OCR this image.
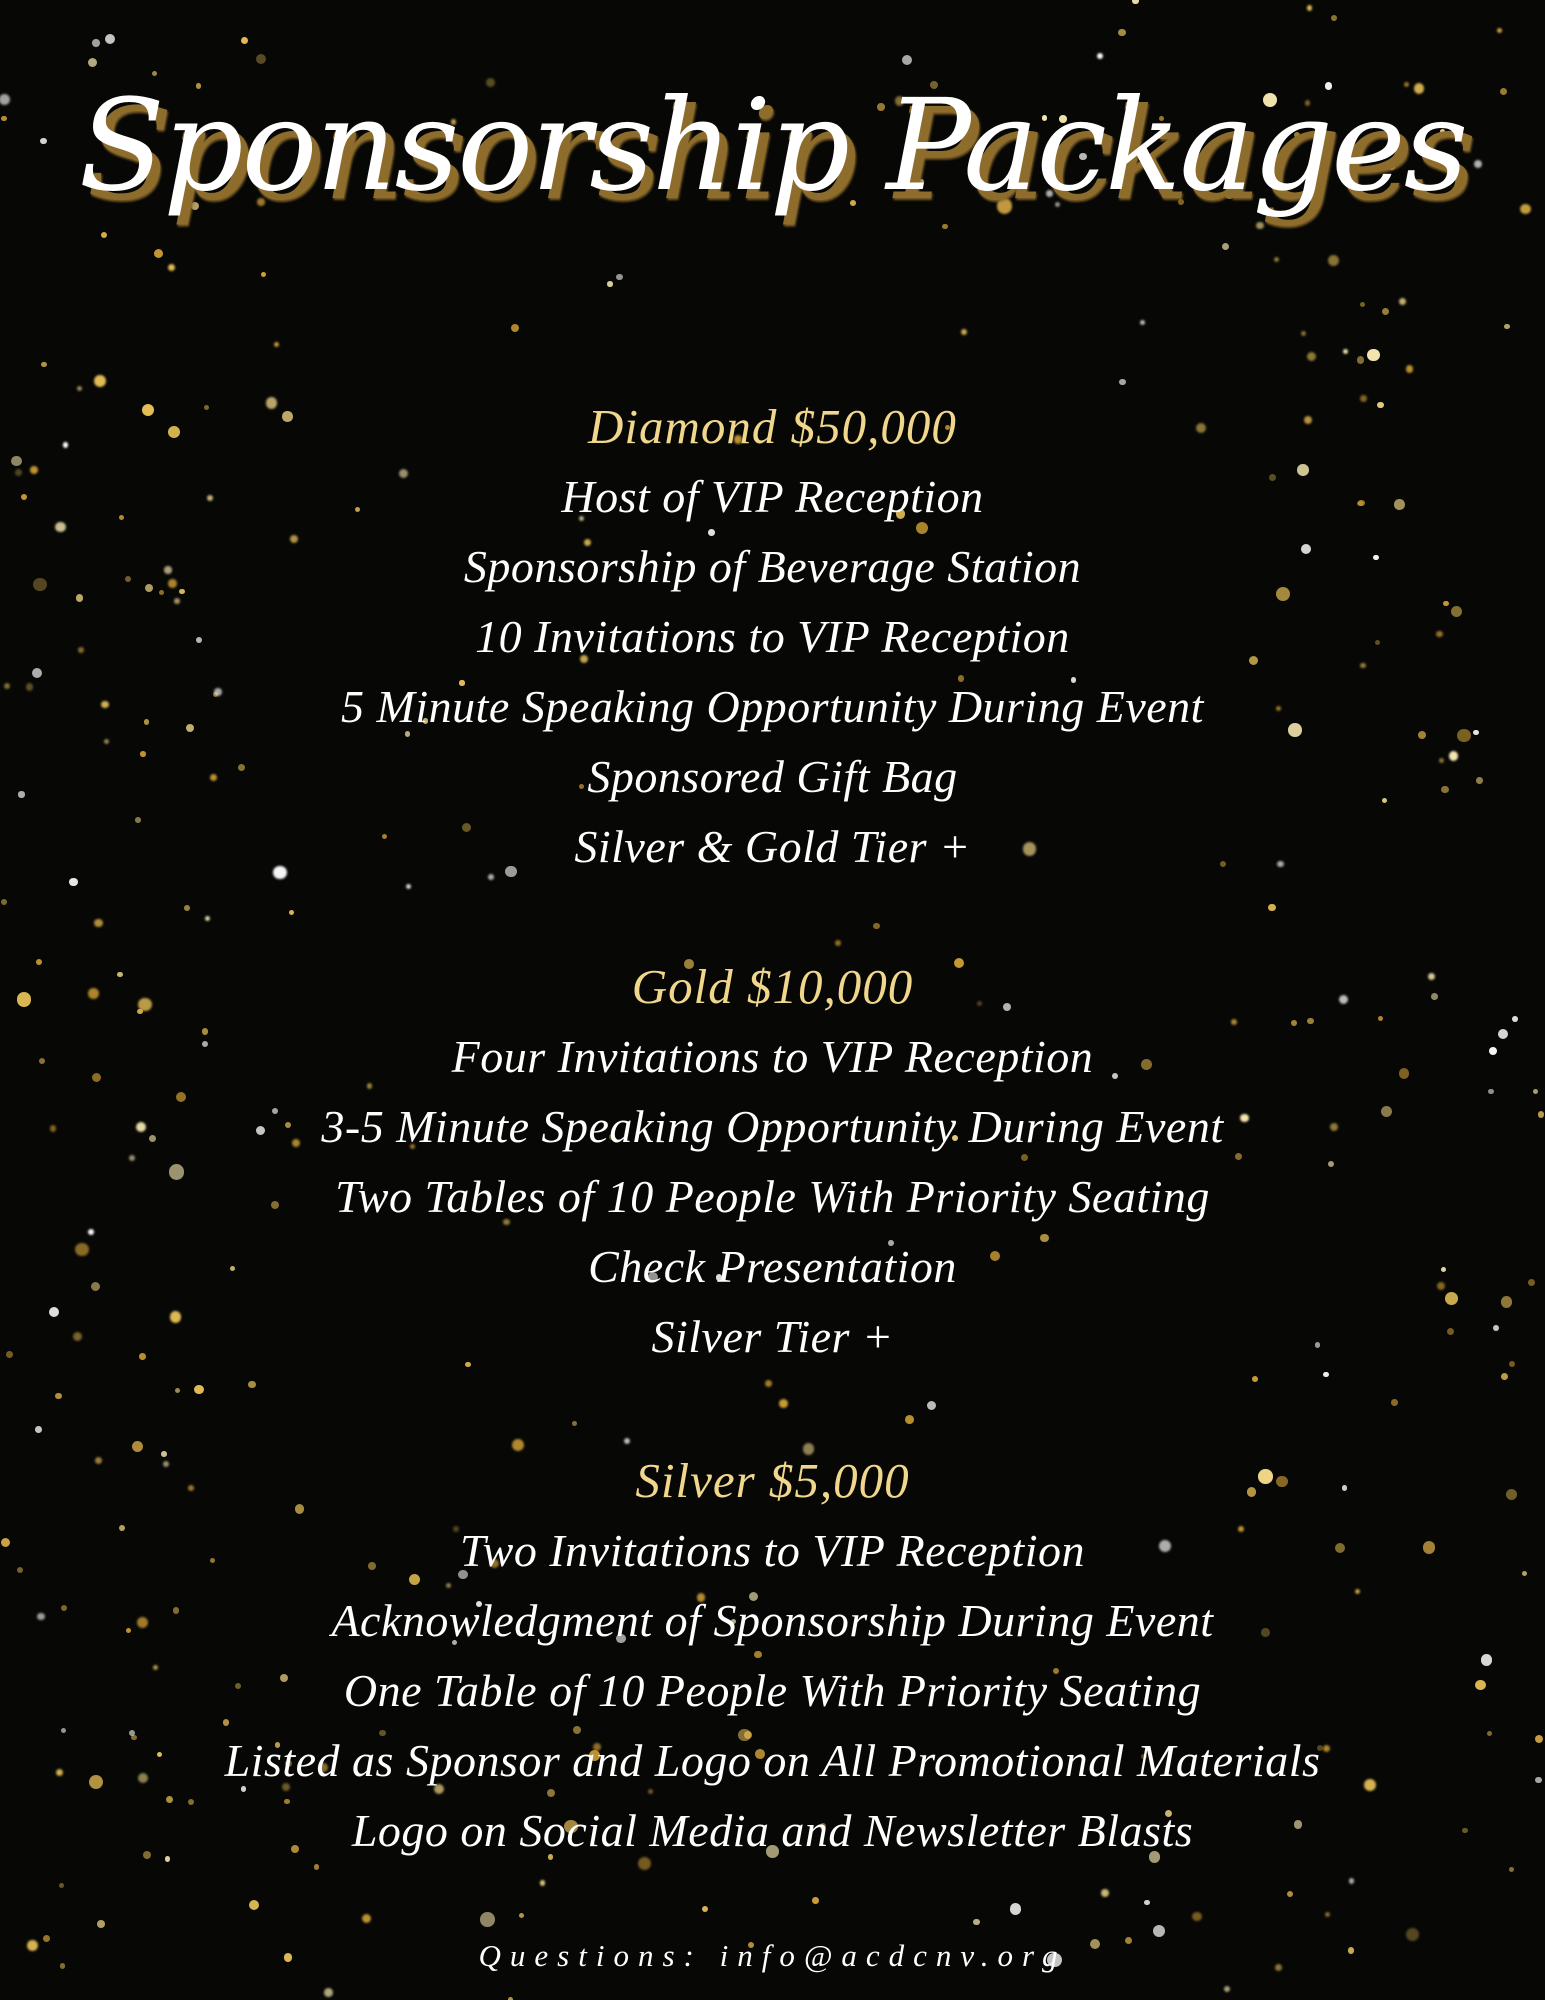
Sponsorship Packages
Diamond $50,000

Host of VIP Reception

Sponsorship of Beverage Station

10 Invitations to VIP Reception

5 Minute Speaking Opportunity During Event

Sponsored Gift Bag

Silver & Gold Tier +

Gold $10,000

Four Invitations to VIP Reception

3-5 Minute Speaking Opportunity During Event

Two Tables of 10 People With Priority Seating

Check Presentation

Silver Tier +

Silver $5,000

Two Invitations to VIP Reception

Acknowledgment of Sponsorship During Event

One Table of 10 People With Priority Seating

Listed as Sponsor and Logo on All Promotional Materials

Logo on Social Media and Newsletter Blasts

Questions: info@acdcnv.org
